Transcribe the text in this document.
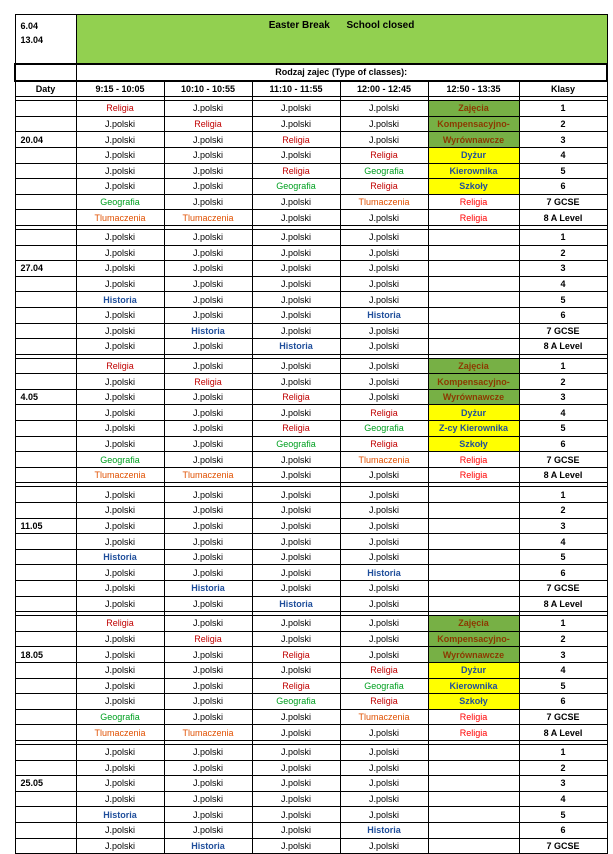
6.04
13.04	Easter Break School closed					
	Rodzaj zajec (Type of classes):					
Daty	9:15 - 10:05	10:10 - 10:55	11:10 - 11:55	12:00 - 12:45	12:50 - 13:35	Klasy

	Religia	J.polski	J.polski	J.polski	Zajęcia	1
	J.polski	Religia	J.polski	J.polski	Kompensacyjno-	2
20.04	J.polski	J.polski	Religia	J.polski	Wyrównawcze	3
	J.polski	J.polski	J.polski	Religia	Dyżur	4
	J.polski	J.polski	Religia	Geografia	Kierownika	5
	J.polski	J.polski	Geografia	Religia	Szkoły	6
	Geografia	J.polski	J.polski	Tlumaczenia	Religia	7 GCSE
	Tlumaczenia	Tlumaczenia	J.polski	J.polski	Religia	8 A Level

	J.polski	J.polski	J.polski	J.polski		1
	J.polski	J.polski	J.polski	J.polski		2
27.04	J.polski	J.polski	J.polski	J.polski		3
	J.polski	J.polski	J.polski	J.polski		4
	Historia	J.polski	J.polski	J.polski		5
	J.polski	J.polski	J.polski	Historia		6
	J.polski	Historia	J.polski	J.polski		7 GCSE
	J.polski	J.polski	Historia	J.polski		8 A Level

	Religia	J.polski	J.polski	J.polski	Zajęcia	1
	J.polski	Religia	J.polski	J.polski	Kompensacyjno-	2
4.05	J.polski	J.polski	Religia	J.polski	Wyrównawcze	3
	J.polski	J.polski	J.polski	Religia	Dyżur	4
	J.polski	J.polski	Religia	Geografia	Z-cy Kierownika	5
	J.polski	J.polski	Geografia	Religia	Szkoły	6
	Geografia	J.polski	J.polski	Tlumaczenia	Religia	7 GCSE
	Tlumaczenia	Tlumaczenia	J.polski	J.polski	Religia	8 A Level

	J.polski	J.polski	J.polski	J.polski		1
	J.polski	J.polski	J.polski	J.polski		2
11.05	J.polski	J.polski	J.polski	J.polski		3
	J.polski	J.polski	J.polski	J.polski		4
	Historia	J.polski	J.polski	J.polski		5
	J.polski	J.polski	J.polski	Historia		6
	J.polski	Historia	J.polski	J.polski		7 GCSE
	J.polski	J.polski	Historia	J.polski		8 A Level

	Religia	J.polski	J.polski	J.polski	Zajęcia	1
	J.polski	Religia	J.polski	J.polski	Kompensacyjno-	2
18.05	J.polski	J.polski	Religia	J.polski	Wyrównawcze	3
	J.polski	J.polski	J.polski	Religia	Dyżur	4
	J.polski	J.polski	Religia	Geografia	Kierownika	5
	J.polski	J.polski	Geografia	Religia	Szkoły	6
	Geografia	J.polski	J.polski	Tlumaczenia	Religia	7 GCSE
	Tlumaczenia	Tlumaczenia	J.polski	J.polski	Religia	8 A Level

	J.polski	J.polski	J.polski	J.polski		1
	J.polski	J.polski	J.polski	J.polski		2
25.05	J.polski	J.polski	J.polski	J.polski		3
	J.polski	J.polski	J.polski	J.polski		4
	Historia	J.polski	J.polski	J.polski		5
	J.polski	J.polski	J.polski	Historia		6
	J.polski	Historia	J.polski	J.polski		7 GCSE
